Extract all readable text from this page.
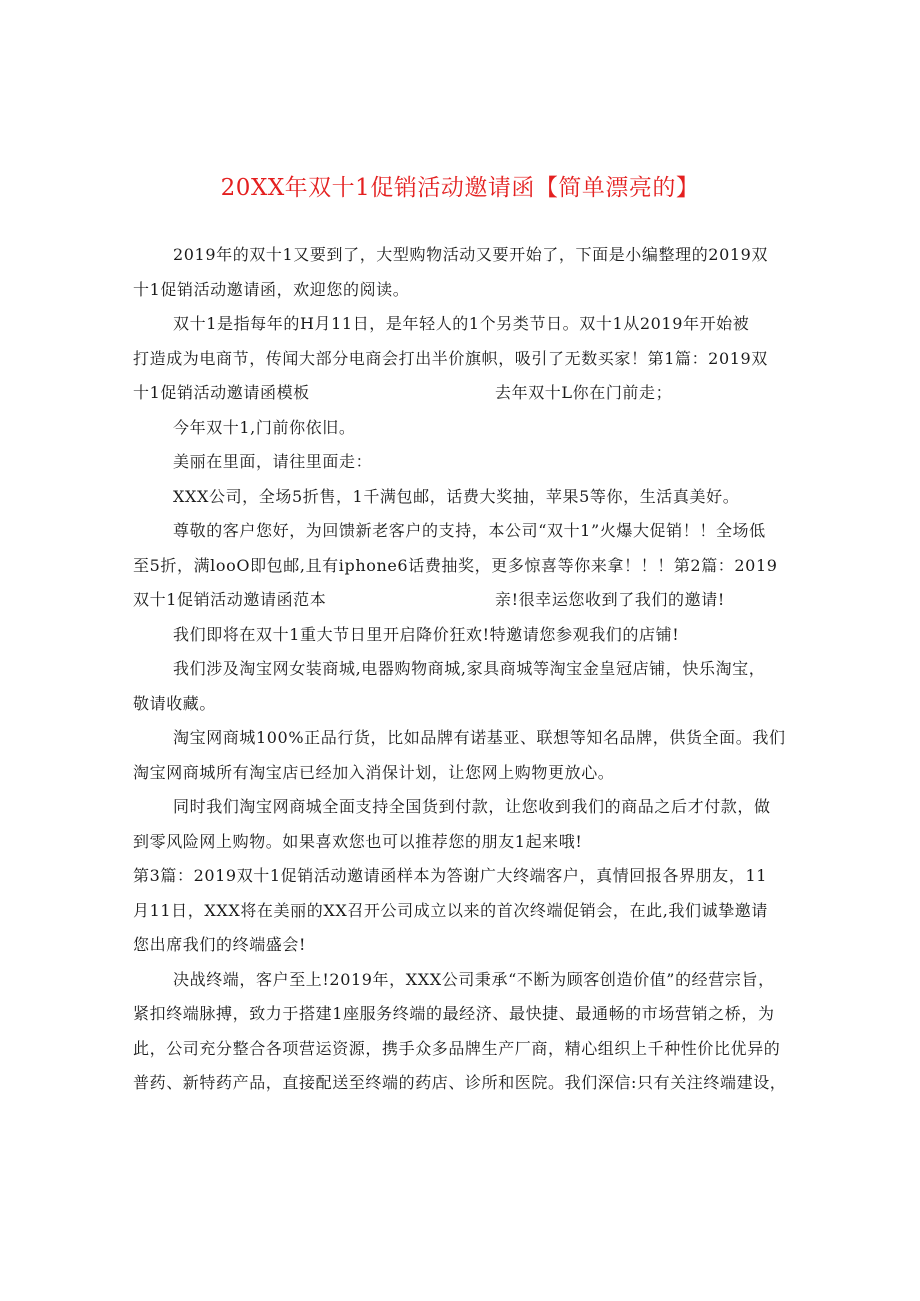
20XX年双十1促销活动邀请函【简单漂亮的】
2019年的双十1又要到了，大型购物活动又要开始了，下面是小编整理的2019双
十1促销活动邀请函，欢迎您的阅读。
双十1是指每年的H月11日，是年轻人的1个另类节日。双十1从2019年开始被
打造成为电商节，传闻大部分电商会打出半价旗帜，吸引了无数买家！第1篇：2019双
十1促销活动邀请函模板	去年双十L你在门前走；
今年双十1,门前你依旧。
美丽在里面，请往里面走：
XXX公司，全场5折售，1千满包邮，话费大奖抽，苹果5等你，生活真美好。
尊敬的客户您好，为回馈新老客户的支持，本公司“双十1”火爆大促销！！全场低
至5折，满looO即包邮,且有iphone6话费抽奖，更多惊喜等你来拿！！！第2篇：2019
双十1促销活动邀请函范本	亲!很幸运您收到了我们的邀请!
我们即将在双十1重大节日里开启降价狂欢!特邀请您参观我们的店铺!
我们涉及淘宝网女装商城,电器购物商城,家具商城等淘宝金皇冠店铺，快乐淘宝，
敬请收藏。
淘宝网商城100%正品行货，比如品牌有诺基亚、联想等知名品牌，供货全面。我们
淘宝网商城所有淘宝店已经加入消保计划，让您网上购物更放心。
同时我们淘宝网商城全面支持全国货到付款，让您收到我们的商品之后才付款，做
到零风险网上购物。如果喜欢您也可以推荐您的朋友1起来哦!
第3篇：2019双十1促销活动邀请函样本为答谢广大终端客户，真情回报各界朋友，11
月11日，XXX将在美丽的XX召开公司成立以来的首次终端促销会，在此,我们诚挚邀请
您出席我们的终端盛会!
决战终端，客户至上!2019年，XXX公司秉承“不断为顾客创造价值”的经营宗旨，
紧扣终端脉搏，致力于搭建1座服务终端的最经济、最快捷、最通畅的市场营销之桥，为
此，公司充分整合各项营运资源，携手众多品牌生产厂商，精心组织上千种性价比优异的
普药、新特药产品，直接配送至终端的药店、诊所和医院。我们深信:只有关注终端建设，
